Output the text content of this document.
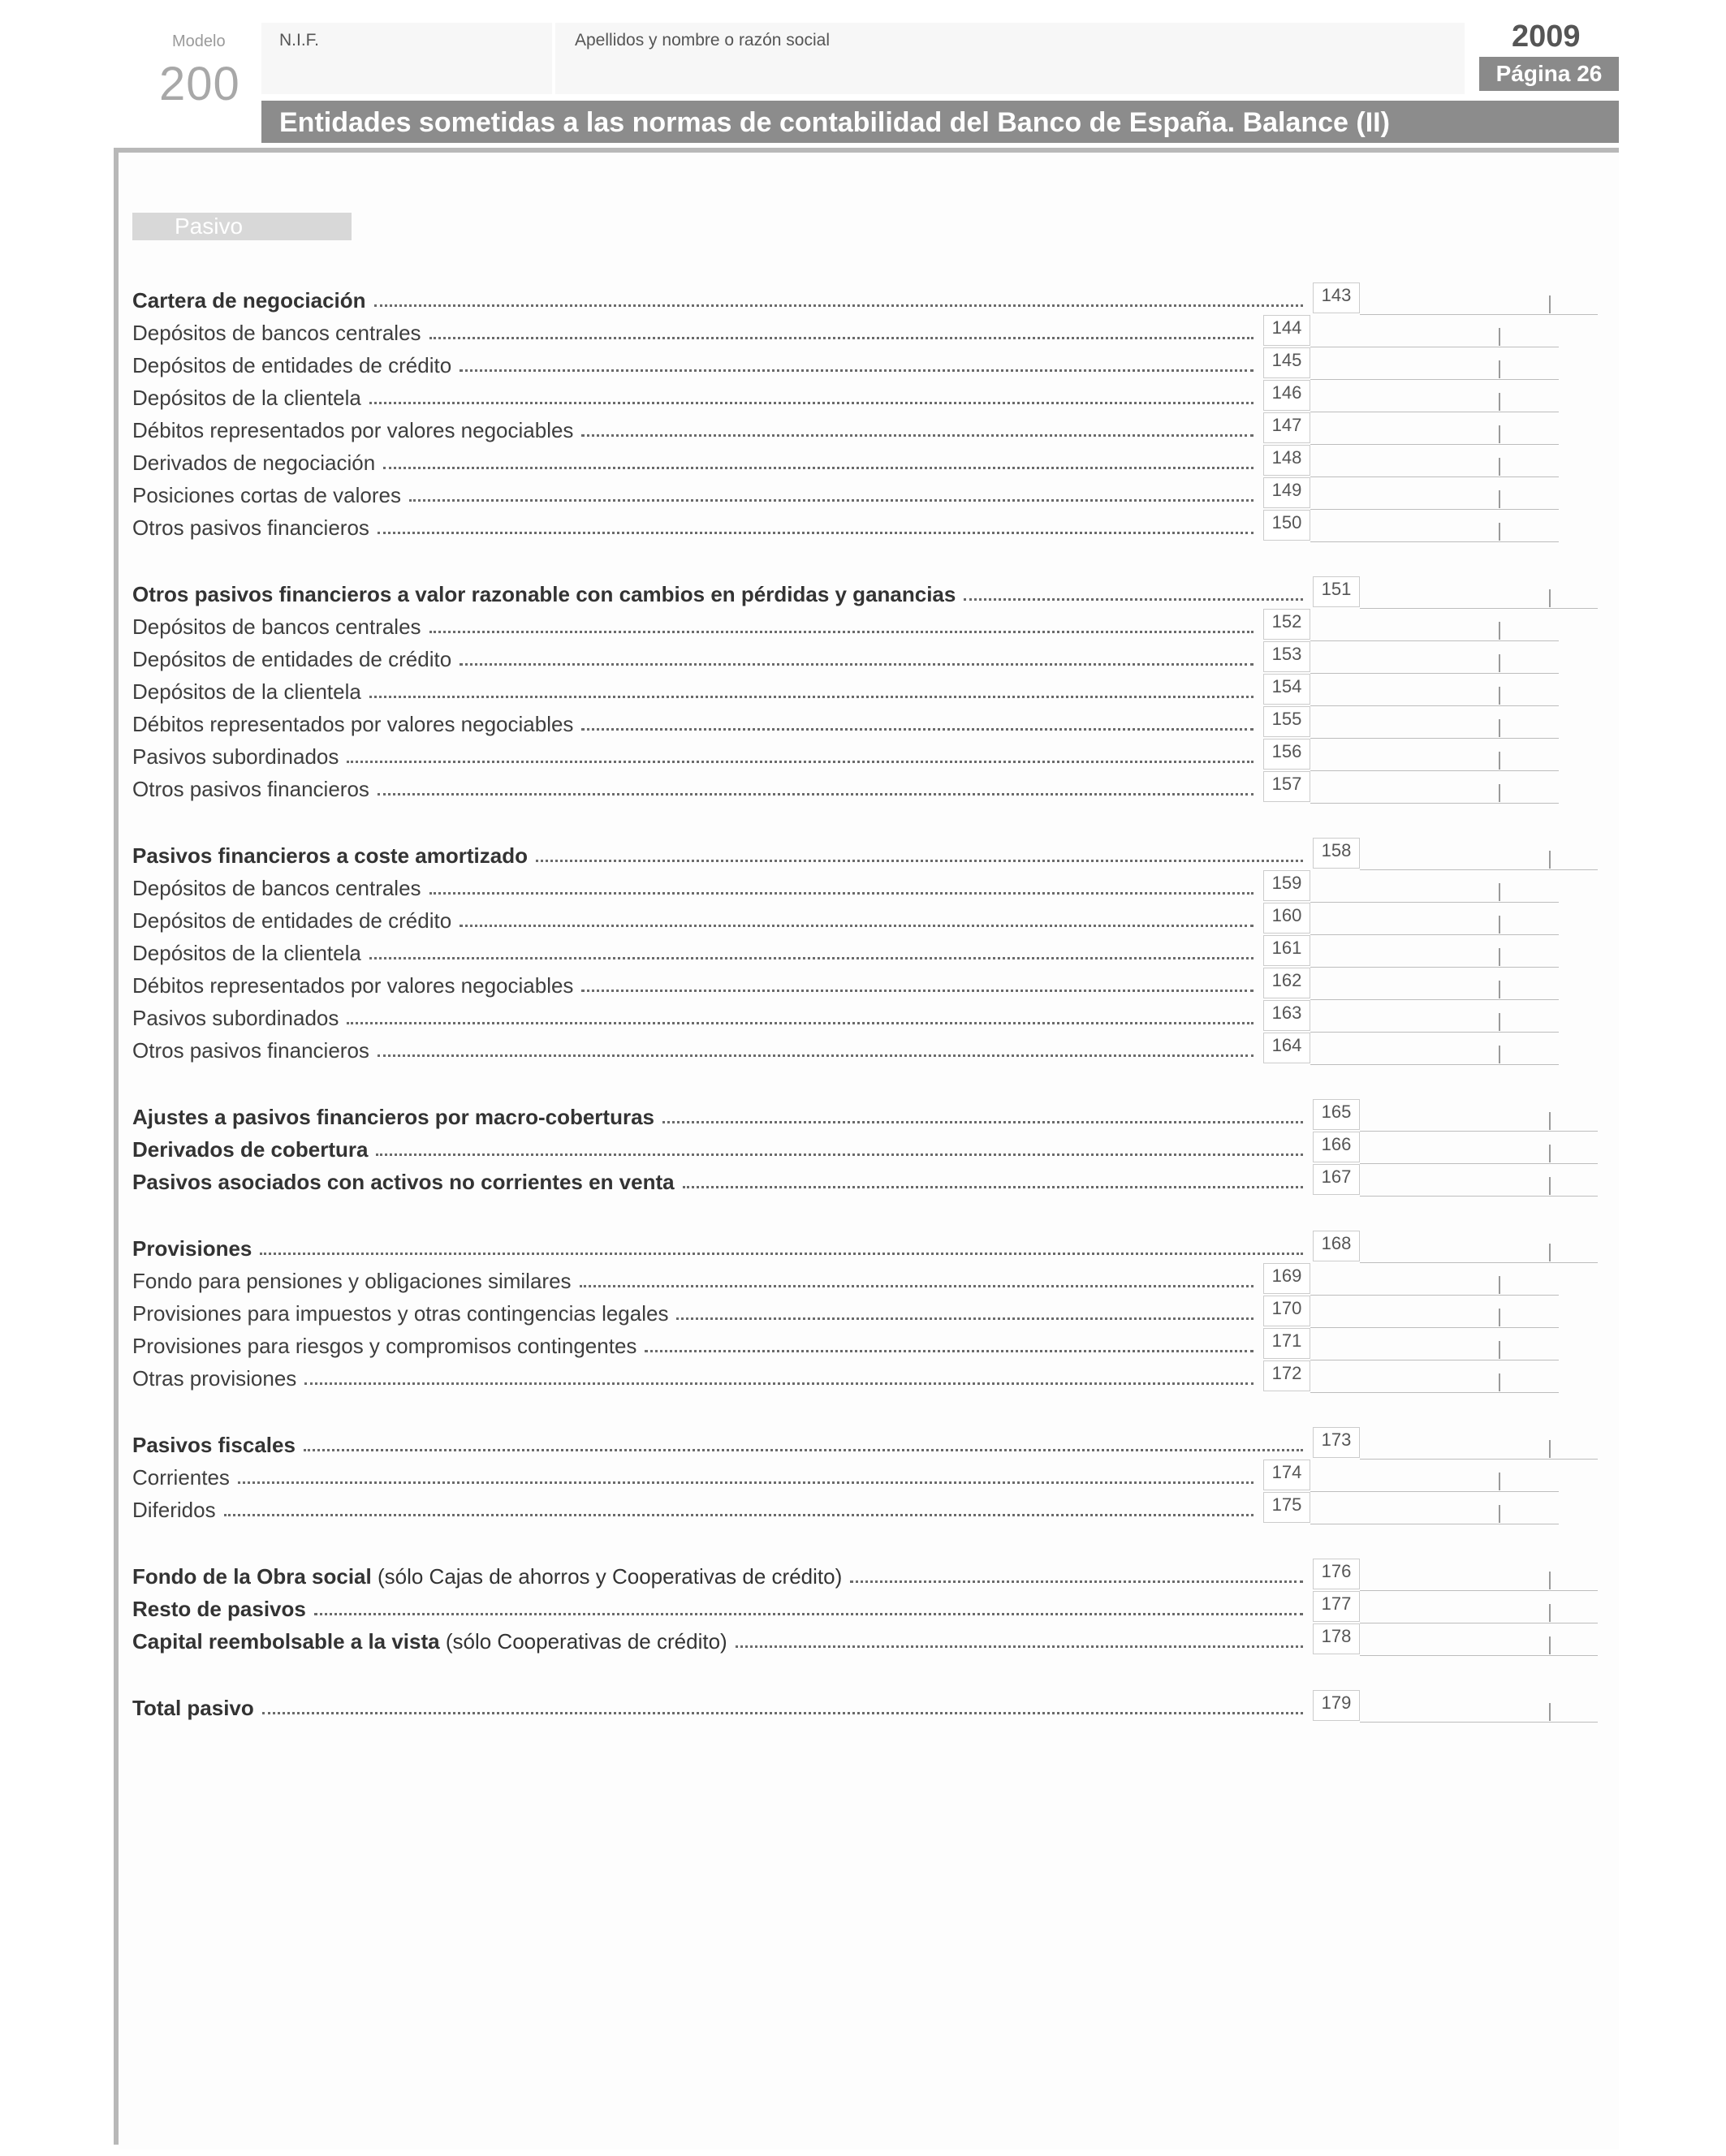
Modelo
200
N.I.F.	Apellidos y nombre o razón social	2009
Página 26
Entidades sometidas a las normas de contabilidad del Banco de España. Balance (II)
Pasivo
Cartera de negociación	143
Depósitos de bancos centrales	144
Depósitos de entidades de crédito	145
Depósitos de la clientela	146
Débitos representados por valores negociables	147
Derivados de negociación	148
Posiciones cortas de valores	149
Otros pasivos financieros	150
Otros pasivos financieros a valor razonable con cambios en pérdidas y ganancias	151
Depósitos de bancos centrales	152
Depósitos de entidades de crédito	153
Depósitos de la clientela	154
Débitos representados por valores negociables	155
Pasivos subordinados	156
Otros pasivos financieros	157
Pasivos financieros a coste amortizado	158
Depósitos de bancos centrales	159
Depósitos de entidades de crédito	160
Depósitos de la clientela	161
Débitos representados por valores negociables	162
Pasivos subordinados	163
Otros pasivos financieros	164
Ajustes a pasivos financieros por macro-coberturas	165
Derivados de cobertura	166
Pasivos asociados con activos no corrientes en venta	167
Provisiones	168
Fondo para pensiones y obligaciones similares	169
Provisiones para impuestos y otras contingencias legales	170
Provisiones para riesgos y compromisos contingentes	171
Otras provisiones	172
Pasivos fiscales	173
Corrientes	174
Diferidos	175
Fondo de la Obra social (sólo Cajas de ahorros y Cooperativas de crédito)	176
Resto de pasivos	177
Capital reembolsable a la vista (sólo Cooperativas de crédito)	178
Total pasivo	179
